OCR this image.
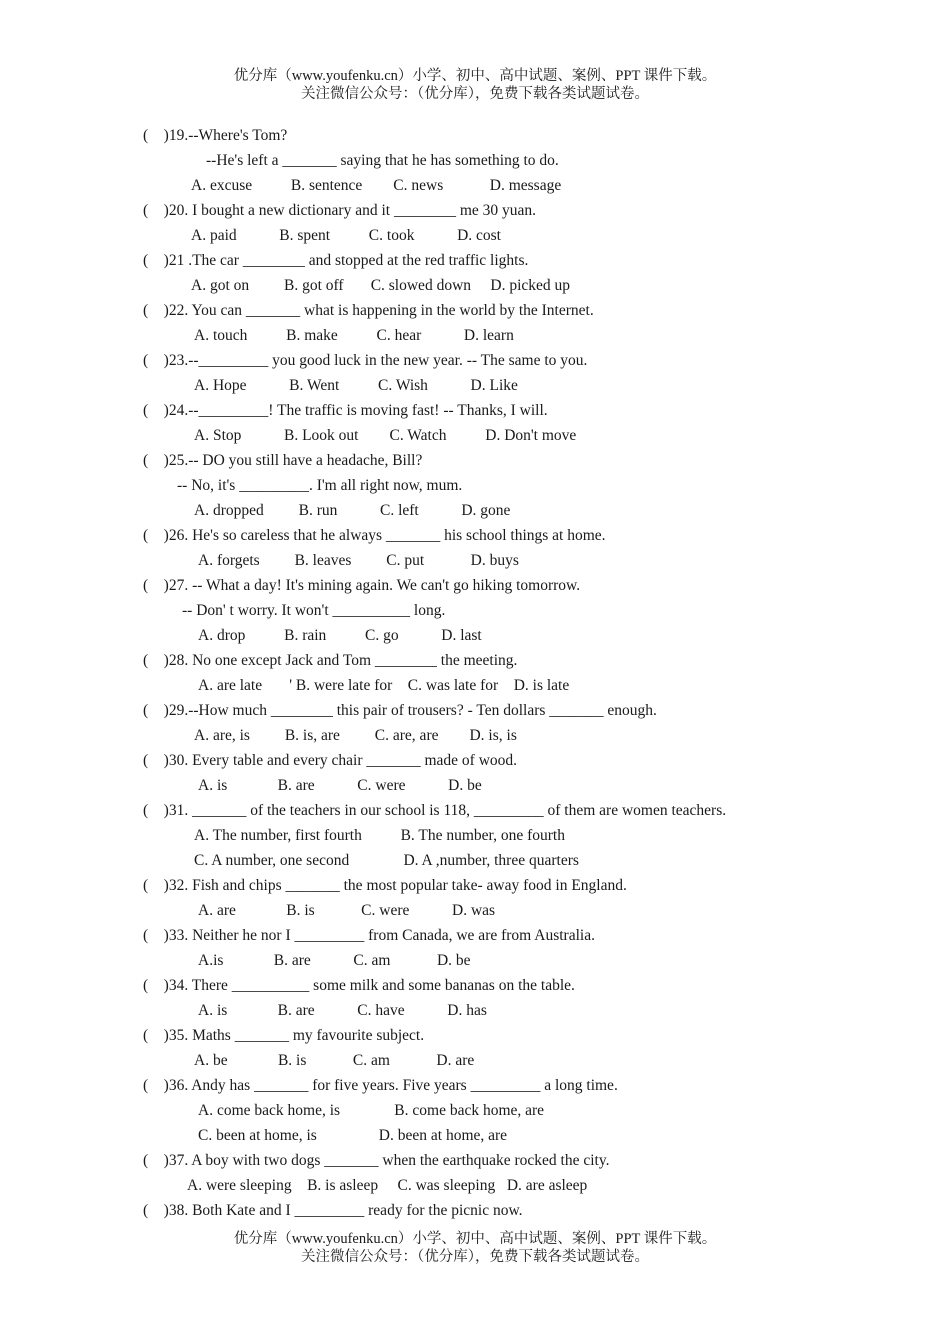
优分库（www.youfenku.cn）小学、初中、高中试题、案例、PPT 课件下载。
关注微信公众号：（优分库），免费下载各类试题试卷。
(    )19.--Where's Tom?
--He's left a _______ saying that he has something to do.
A. excuse          B. sentence        C. news            D. message
(    )20. I bought a new dictionary and it ________ me 30 yuan.
A. paid           B. spent          C. took           D. cost
(    )21 .The car ________ and stopped at the red traffic lights.
A. got on         B. got off       C. slowed down     D. picked up
(    )22. You can _______ what is happening in the world by the Internet.
A. touch          B. make          C. hear           D. learn
(    )23.--_________ you good luck in the new year. -- The same to you.
A. Hope           B. Went          C. Wish           D. Like
(    )24.--_________! The traffic is moving fast! -- Thanks, I will.
A. Stop           B. Look out        C. Watch          D. Don't move
(    )25.-- DO you still have a headache, Bill?
-- No, it's _________. I'm all right now, mum.
A. dropped         B. run           C. left           D. gone
(    )26. He's so careless that he always _______ his school things at home.
A. forgets         B. leaves         C. put            D. buys
(    )27. -- What a day! It's mining again. We can't go hiking tomorrow.
-- Don' t worry. It won't __________ long.
A. drop          B. rain          C. go           D. last
(    )28. No one except Jack and Tom ________ the meeting.
A. are late       ' B. were late for    C. was late for    D. is late
(    )29.--How much ________ this pair of trousers? - Ten dollars _______ enough.
A. are, is         B. is, are         C. are, are        D. is, is
(    )30. Every table and every chair _______ made of wood.
A. is             B. are           C. were           D. be
(    )31. _______ of the teachers in our school is 118, _________ of them are women teachers.
A. The number, first fourth          B. The number, one fourth
C. A number, one second              D. A ,number, three quarters
(    )32. Fish and chips _______ the most popular take- away food in England.
A. are             B. is            C. were           D. was
(    )33. Neither he nor I _________ from Canada, we are from Australia.
A.is             B. are           C. am            D. be
(    )34. There __________ some milk and some bananas on the table.
A. is             B. are           C. have           D. has
(    )35. Maths _______ my favourite subject.
A. be             B. is            C. am            D. are
(    )36. Andy has _______ for five years. Five years _________ a long time.
A. come back home, is              B. come back home, are
C. been at home, is                D. been at home, are
(    )37. A boy with two dogs _______ when the earthquake rocked the city.
A. were sleeping    B. is asleep     C. was sleeping   D. are asleep
(    )38. Both Kate and I _________ ready for the picnic now.
优分库（www.youfenku.cn）小学、初中、高中试题、案例、PPT 课件下载。
关注微信公众号：（优分库），免费下载各类试题试卷。
